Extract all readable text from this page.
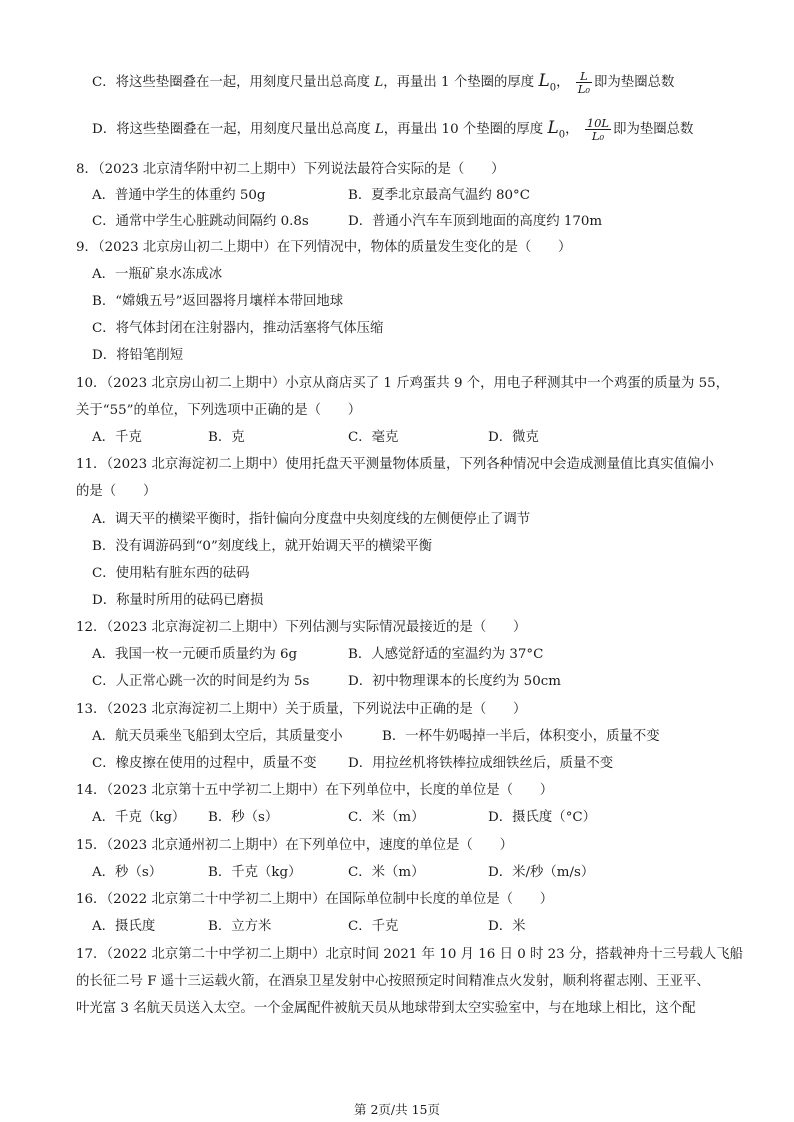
C．将这些垫圈叠在一起，用刻度尺量出总高度 L，再量出 1 个垫圈的厚度 $L_0$， $\frac{L}{\text{L₀}}$ 即为垫圈总数
D．将这些垫圈叠在一起，用刻度尺量出总高度 L，再量出 10 个垫圈的厚度 $L_0$， $\frac{10L}{\text{L₀}}$ 即为垫圈总数
8．（2023 北京清华附中初二上期中）下列说法最符合实际的是（　　）
A．普通中学生的体重约 50g	B．夏季北京最高气温约 80°C
C．通常中学生心脏跳动间隔约 0.8s	D．普通小汽车车顶到地面的高度约 170m
9．（2023 北京房山初二上期中）在下列情况中，物体的质量发生变化的是（　　）
A．一瓶矿泉水冻成冰
B．“嫦娥五号”返回器将月壤样本带回地球
C．将气体封闭在注射器内，推动活塞将气体压缩
D．将铅笔削短
10．（2023 北京房山初二上期中）小京从商店买了 1 斤鸡蛋共 9 个，用电子秤测其中一个鸡蛋的质量为 55，
关于“55”的单位，下列选项中正确的是（　　）
A．千克	B．克	C．毫克	D．微克
11．（2023 北京海淀初二上期中）使用托盘天平测量物体质量，下列各种情况中会造成测量值比真实值偏小
的是（　　）
A．调天平的横梁平衡时，指针偏向分度盘中央刻度线的左侧便停止了调节
B．没有调游码到“0”刻度线上，就开始调天平的横梁平衡
C．使用粘有脏东西的砝码
D．称量时所用的砝码已磨损
12．（2023 北京海淀初二上期中）下列估测与实际情况最接近的是（　　）
A．我国一枚一元硬币质量约为 6g	B．人感觉舒适的室温约为 37°C
C．人正常心跳一次的时间是约为 5s	D．初中物理课本的长度约为 50cm
13．（2023 北京海淀初二上期中）关于质量，下列说法中正确的是（　　）
A．航天员乘坐飞船到太空后，其质量变小	B．一杯牛奶喝掉一半后，体积变小，质量不变
C．橡皮擦在使用的过程中，质量不变 D．用拉丝机将铁棒拉成细铁丝后，质量不变
14．（2023 北京第十五中学初二上期中）在下列单位中，长度的单位是（　　）
A．千克（kg） B．秒（s）	C．米（m）	D．摄氏度（°C）
15．（2023 北京通州初二上期中）在下列单位中，速度的单位是（　　）
A．秒（s）	B．千克（kg）	C．米（m）	D．米/秒（m/s）
16．（2022 北京第二十中学初二上期中）在国际单位制中长度的单位是（　　）
A．摄氏度	B．立方米	C．千克	D．米
17．（2022 北京第二十中学初二上期中）北京时间 2021 年 10 月 16 日 0 时 23 分，搭载神舟十三号载人飞船
的长征二号 F 遥十三运载火箭，在酒泉卫星发射中心按照预定时间精准点火发射，顺利将翟志刚、王亚平、
叶光富 3 名航天员送入太空。一个金属配件被航天员从地球带到太空实验室中，与在地球上相比，这个配
第 2页/共 15页
